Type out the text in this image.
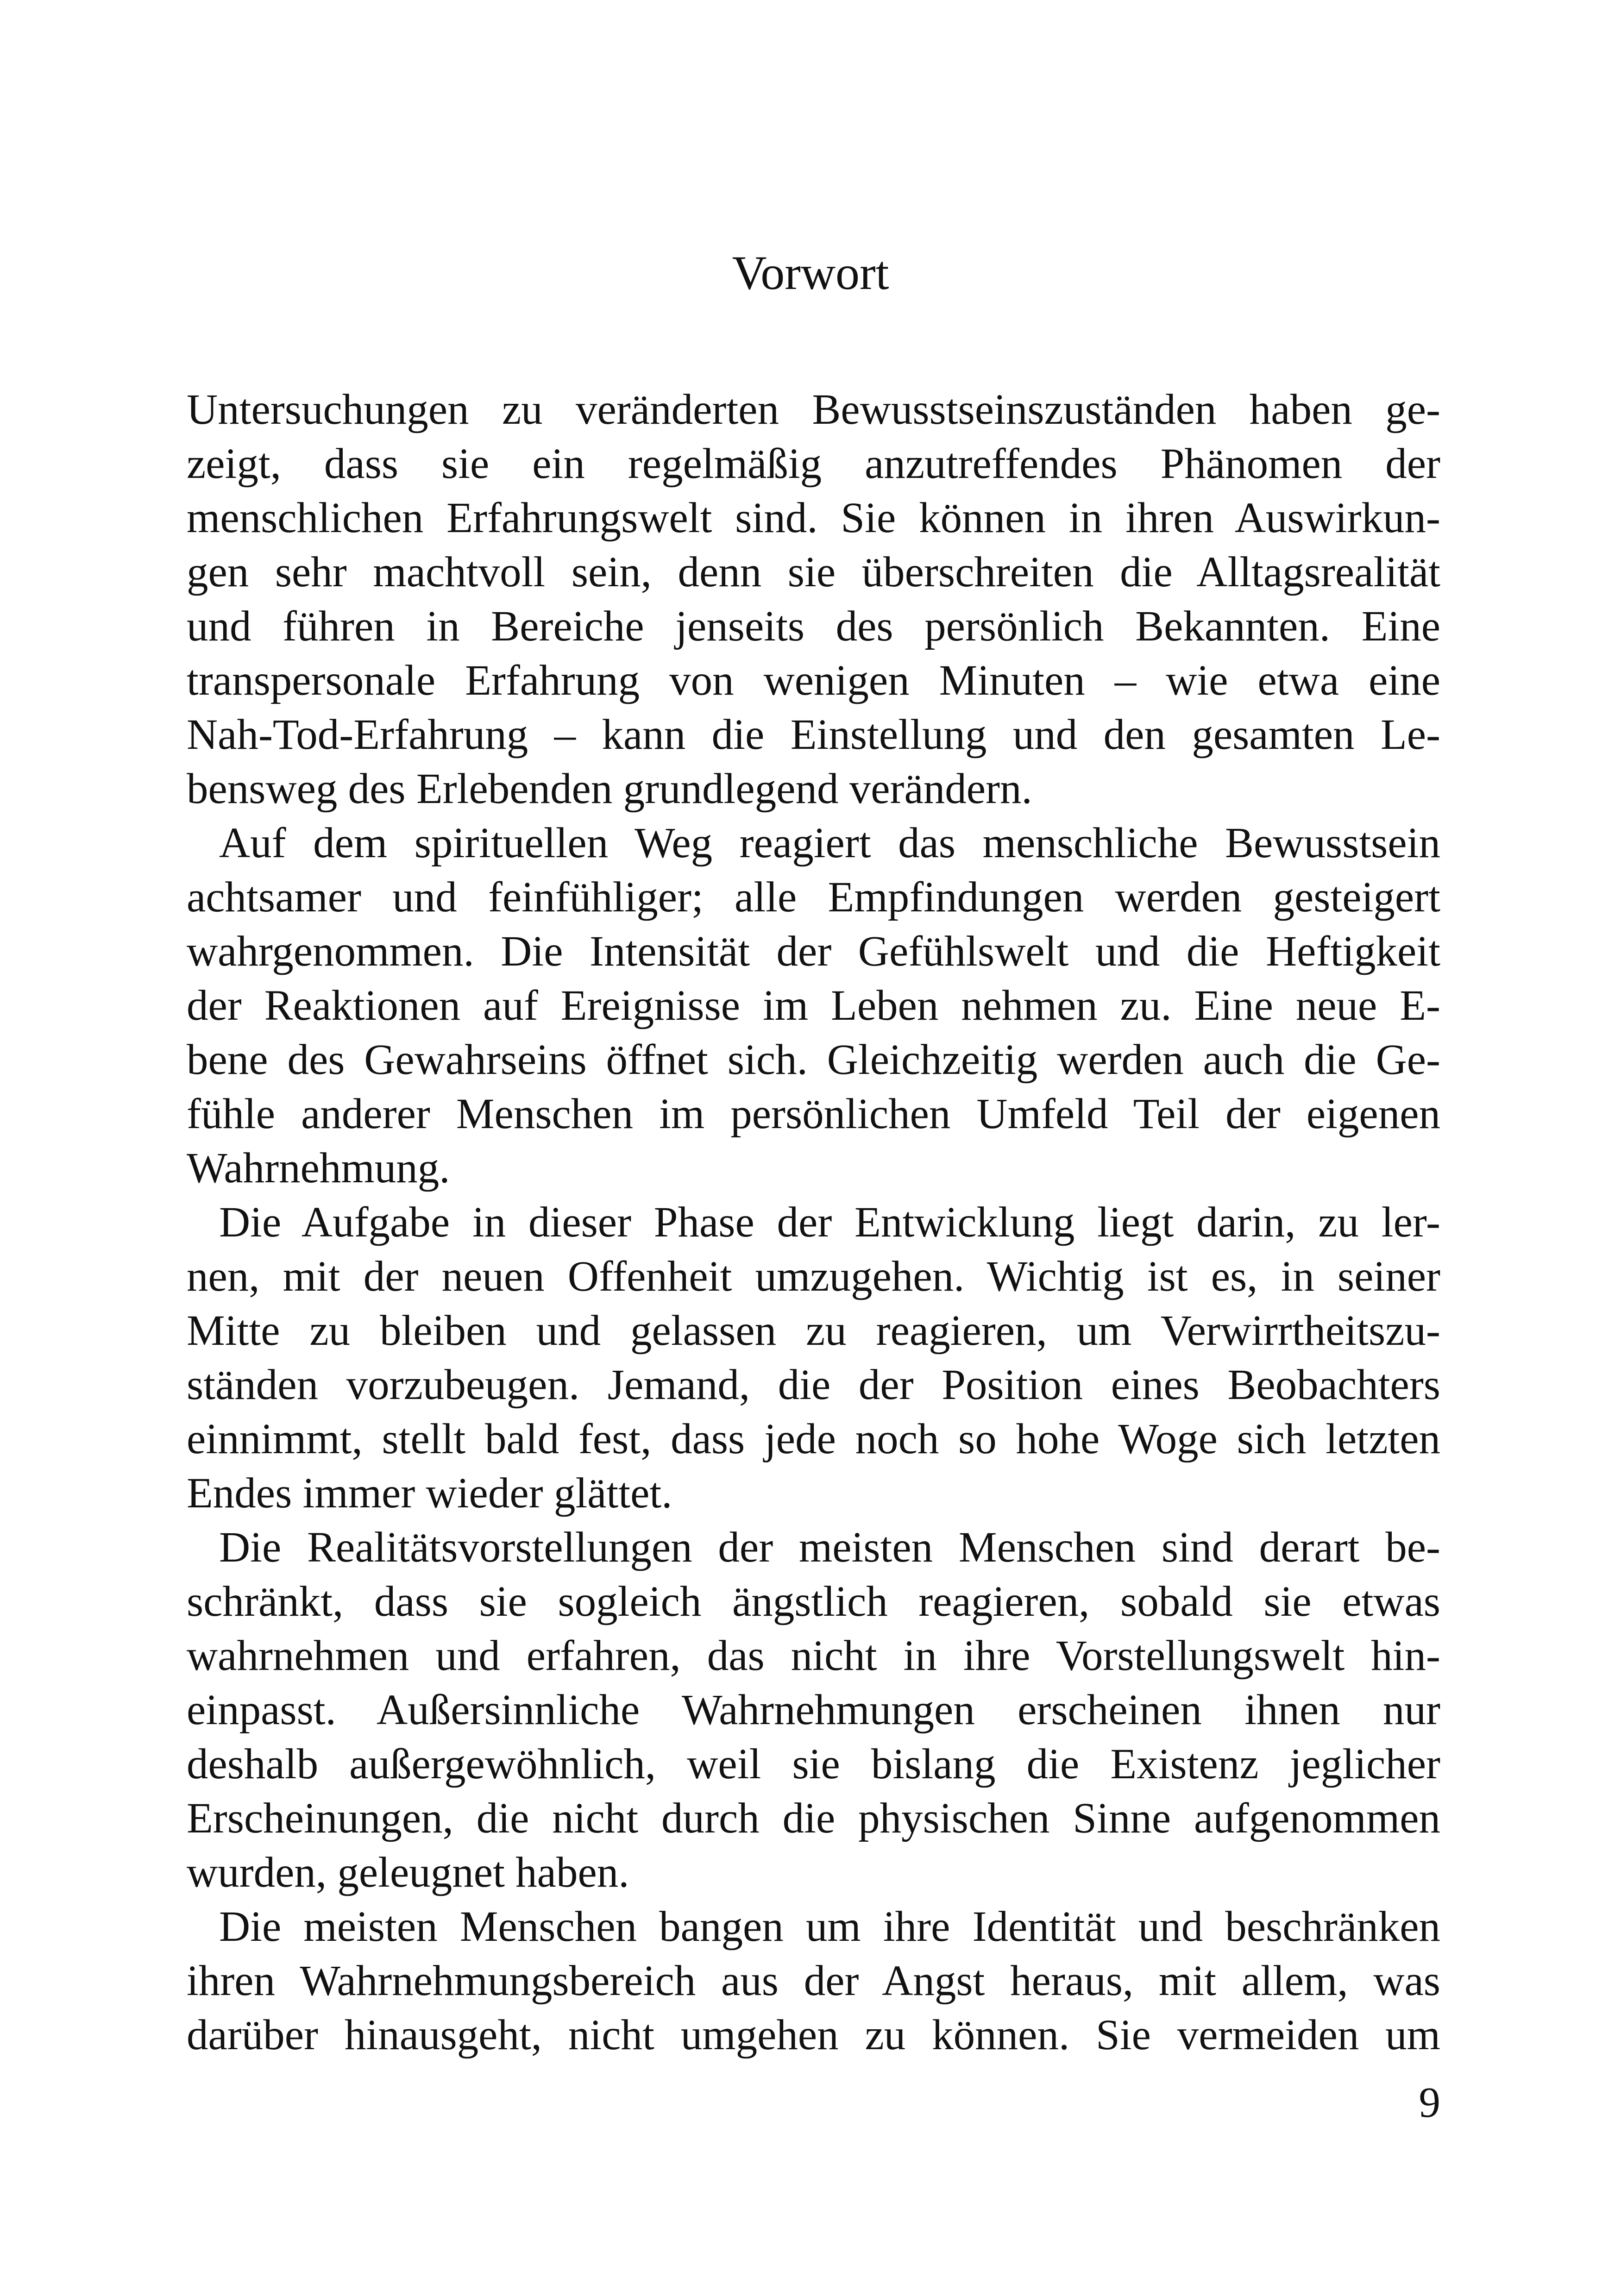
Vorwort
Untersuchungen zu veränderten Bewusstseinszuständen haben ge-
zeigt, dass sie ein regelmäßig anzutreffendes Phänomen der
menschlichen Erfahrungswelt sind. Sie können in ihren Auswirkun-
gen sehr machtvoll sein, denn sie überschreiten die Alltagsrealität
und führen in Bereiche jenseits des persönlich Bekannten. Eine
transpersonale Erfahrung von wenigen Minuten – wie etwa eine
Nah-Tod-Erfahrung – kann die Einstellung und den gesamten Le-
bensweg des Erlebenden grundlegend verändern.
Auf dem spirituellen Weg reagiert das menschliche Bewusstsein
achtsamer und feinfühliger; alle Empfindungen werden gesteigert
wahrgenommen. Die Intensität der Gefühlswelt und die Heftigkeit
der Reaktionen auf Ereignisse im Leben nehmen zu. Eine neue E-
bene des Gewahrseins öffnet sich. Gleichzeitig werden auch die Ge-
fühle anderer Menschen im persönlichen Umfeld Teil der eigenen
Wahrnehmung.
Die Aufgabe in dieser Phase der Entwicklung liegt darin, zu ler-
nen, mit der neuen Offenheit umzugehen. Wichtig ist es, in seiner
Mitte zu bleiben und gelassen zu reagieren, um Verwirrtheitszu-
ständen vorzubeugen. Jemand, die der Position eines Beobachters
einnimmt, stellt bald fest, dass jede noch so hohe Woge sich letzten
Endes immer wieder glättet.
Die Realitätsvorstellungen der meisten Menschen sind derart be-
schränkt, dass sie sogleich ängstlich reagieren, sobald sie etwas
wahrnehmen und erfahren, das nicht in ihre Vorstellungswelt hin-
einpasst. Außersinnliche Wahrnehmungen erscheinen ihnen nur
deshalb außergewöhnlich, weil sie bislang die Existenz jeglicher
Erscheinungen, die nicht durch die physischen Sinne aufgenommen
wurden, geleugnet haben.
Die meisten Menschen bangen um ihre Identität und beschränken
ihren Wahrnehmungsbereich aus der Angst heraus, mit allem, was
darüber hinausgeht, nicht umgehen zu können. Sie vermeiden um
9
